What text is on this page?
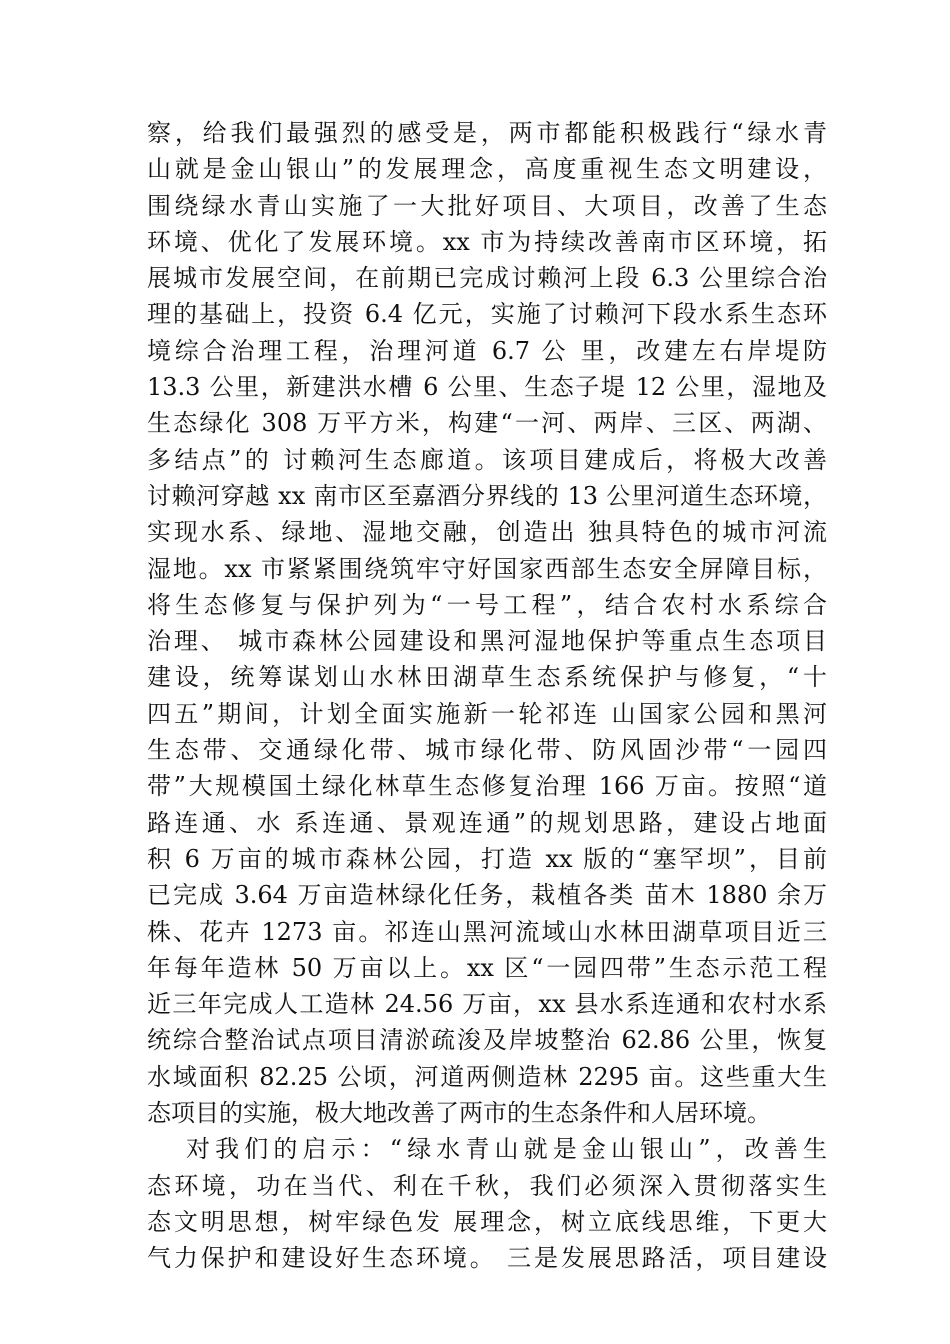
察，给我们最强烈的感受是，两市都能积极践行“绿水青
山就是金山银山”的发展理念，高度重视生态文明建设，
围绕绿水青山实施了一大批好项目、大项目，改善了生态
环境、优化了发展环境。xx 市为持续改善南市区环境，拓
展城市发展空间，在前期已完成讨赖河上段 6.3 公里综合治
理的基础上，投资 6.4 亿元，实施了讨赖河下段水系生态环
境综合治理工程，治理河道 6.7 公 里，改建左右岸堤防
13.3 公里，新建洪水槽 6 公里、生态子堤 12 公里，湿地及
生态绿化 308 万平方米，构建“一河、两岸、三区、两湖、
多结点”的 讨赖河生态廊道。该项目建成后，将极大改善
讨赖河穿越 xx 南市区至嘉酒分界线的 13 公里河道生态环境，
实现水系、绿地、湿地交融，创造出 独具特色的城市河流
湿地。xx 市紧紧围绕筑牢守好国家西部生态安全屏障目标，
将生态修复与保护列为“一号工程”，结合农村水系综合
治理、 城市森林公园建设和黑河湿地保护等重点生态项目
建设，统筹谋划山水林田湖草生态系统保护与修复，“十
四五”期间，计划全面实施新一轮祁连 山国家公园和黑河
生态带、交通绿化带、城市绿化带、防风固沙带“一园四
带”大规模国土绿化林草生态修复治理 166 万亩。按照“道
路连通、水 系连通、景观连通”的规划思路，建设占地面
积 6 万亩的城市森林公园，打造 xx 版的“塞罕坝”，目前
已完成 3.64 万亩造林绿化任务，栽植各类 苗木 1880 余万
株、花卉 1273 亩。祁连山黑河流域山水林田湖草项目近三
年每年造林 50 万亩以上。xx 区“一园四带”生态示范工程
近三年完成人工造林 24.56 万亩，xx 县水系连通和农村水系
统综合整治试点项目清淤疏浚及岸坡整治 62.86 公里，恢复
水域面积 82.25 公顷，河道两侧造林 2295 亩。这些重大生
态项目的实施，极大地改善了两市的生态条件和人居环境。
对我们的启示：“绿水青山就是金山银山”，改善生
态环境，功在当代、利在千秋，我们必须深入贯彻落实生
态文明思想，树牢绿色发 展理念，树立底线思维，下更大
气力保护和建设好生态环境。 三是发展思路活，项目建设
